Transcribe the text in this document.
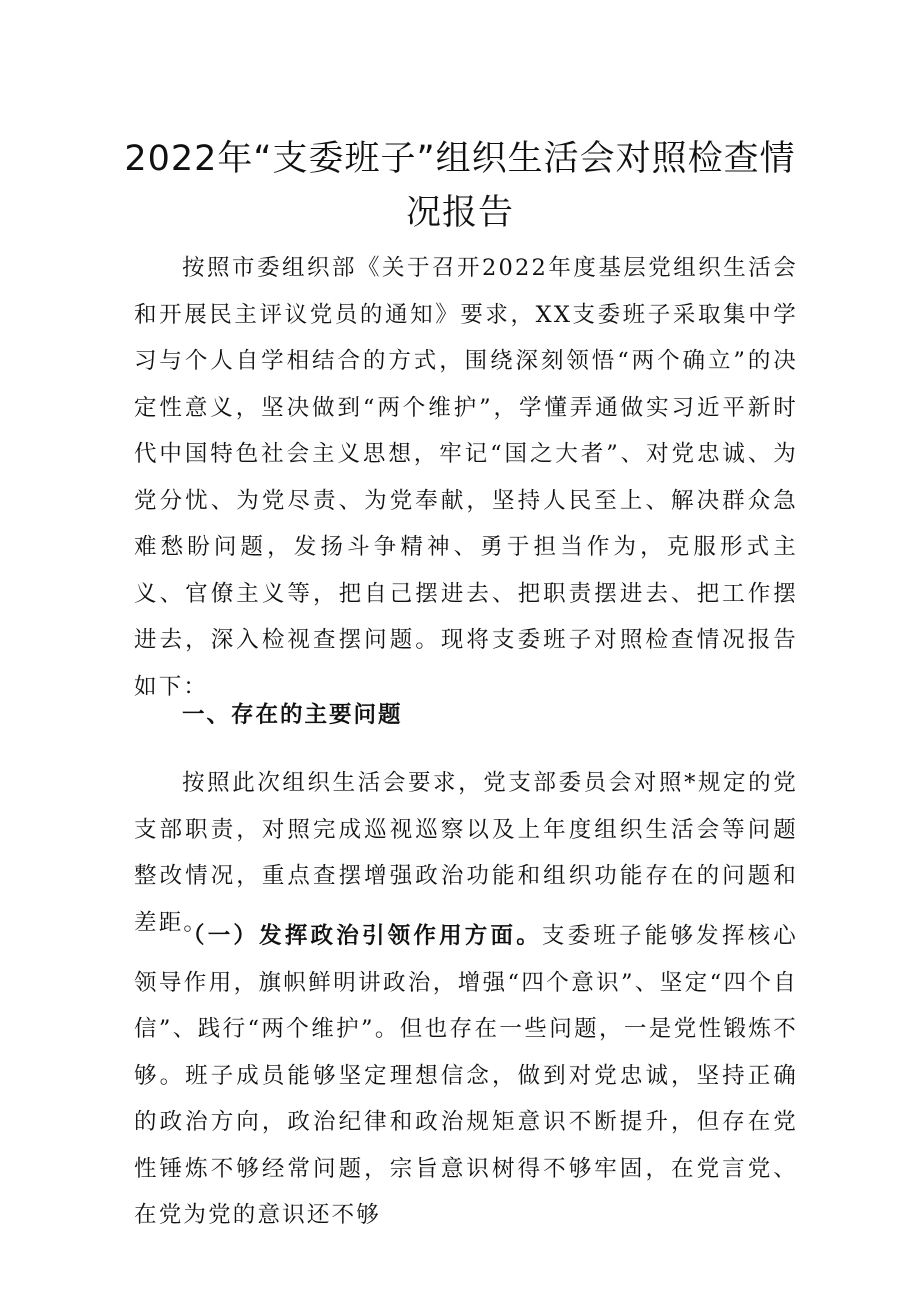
2022年“支委班子”组织生活会对照检查情况报告

按照市委组织部《关于召开2022年度基层党组织生活会和开展民主评议党员的通知》要求，XX支委班子采取集中学习与个人自学相结合的方式，围绕深刻领悟“两个确立”的决定性意义，坚决做到“两个维护”，学懂弄通做实习近平新时代中国特色社会主义思想，牢记“国之大者”、对党忠诚、为党分忧、为党尽责、为党奉献，坚持人民至上、解决群众急难愁盼问题，发扬斗争精神、勇于担当作为，克服形式主义、官僚主义等，把自己摆进去、把职责摆进去、把工作摆进去，深入检视查摆问题。现将支委班子对照检查情况报告如下：

一、存在的主要问题

按照此次组织生活会要求，党支部委员会对照*规定的党支部职责，对照完成巡视巡察以及上年度组织生活会等问题整改情况，重点查摆增强政治功能和组织功能存在的问题和差距。

（一）发挥政治引领作用方面。支委班子能够发挥核心领导作用，旗帜鲜明讲政治，增强“四个意识”、坚定“四个自信”、践行“两个维护”。但也存在一些问题，一是党性锻炼不够。班子成员能够坚定理想信念，做到对党忠诚，坚持正确的政治方向，政治纪律和政治规矩意识不断提升，但存在党性锤炼不够经常问题，宗旨意识树得不够牢固，在党言党、在党为党的意识还不够
